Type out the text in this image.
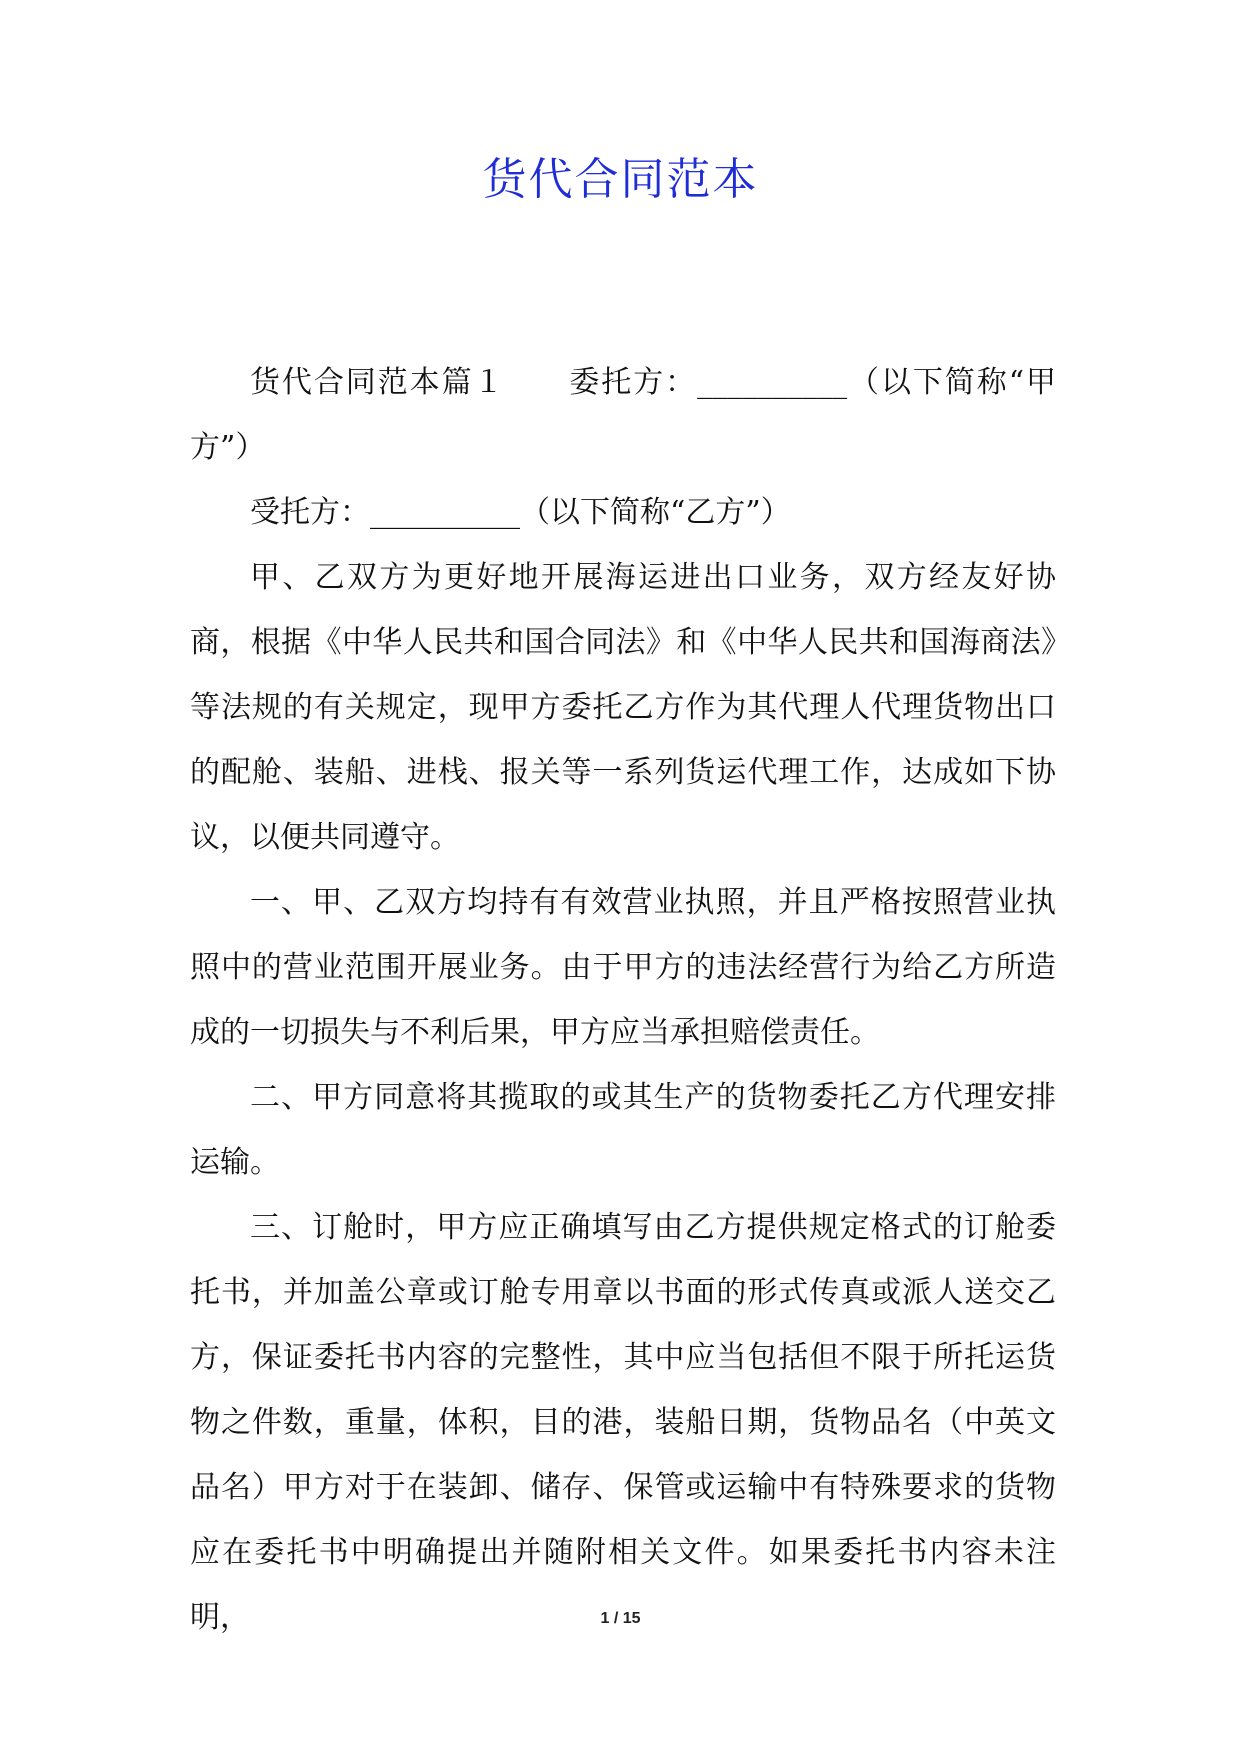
货代合同范本

货代合同范本篇１　　委托方：__________（以下简称“甲方”）

受托方：__________（以下简称“乙方”）

甲、乙双方为更好地开展海运进出口业务，双方经友好协商，根据《中华人民共和国合同法》和《中华人民共和国海商法》等法规的有关规定，现甲方委托乙方作为其代理人代理货物出口的配舱、装船、进栈、报关等一系列货运代理工作，达成如下协议，以便共同遵守。

一、甲、乙双方均持有有效营业执照，并且严格按照营业执照中的营业范围开展业务。由于甲方的违法经营行为给乙方所造成的一切损失与不利后果，甲方应当承担赔偿责任。

二、甲方同意将其揽取的或其生产的货物委托乙方代理安排运输。

三、订舱时，甲方应正确填写由乙方提供规定格式的订舱委托书，并加盖公章或订舱专用章以书面的形式传真或派人送交乙方，保证委托书内容的完整性，其中应当包括但不限于所托运货物之件数，重量，体积，目的港，装船日期，货物品名（中英文品名）甲方对于在装卸、储存、保管或运输中有特殊要求的货物应在委托书中明确提出并随附相关文件。如果委托书内容未注明，	1 / 15
